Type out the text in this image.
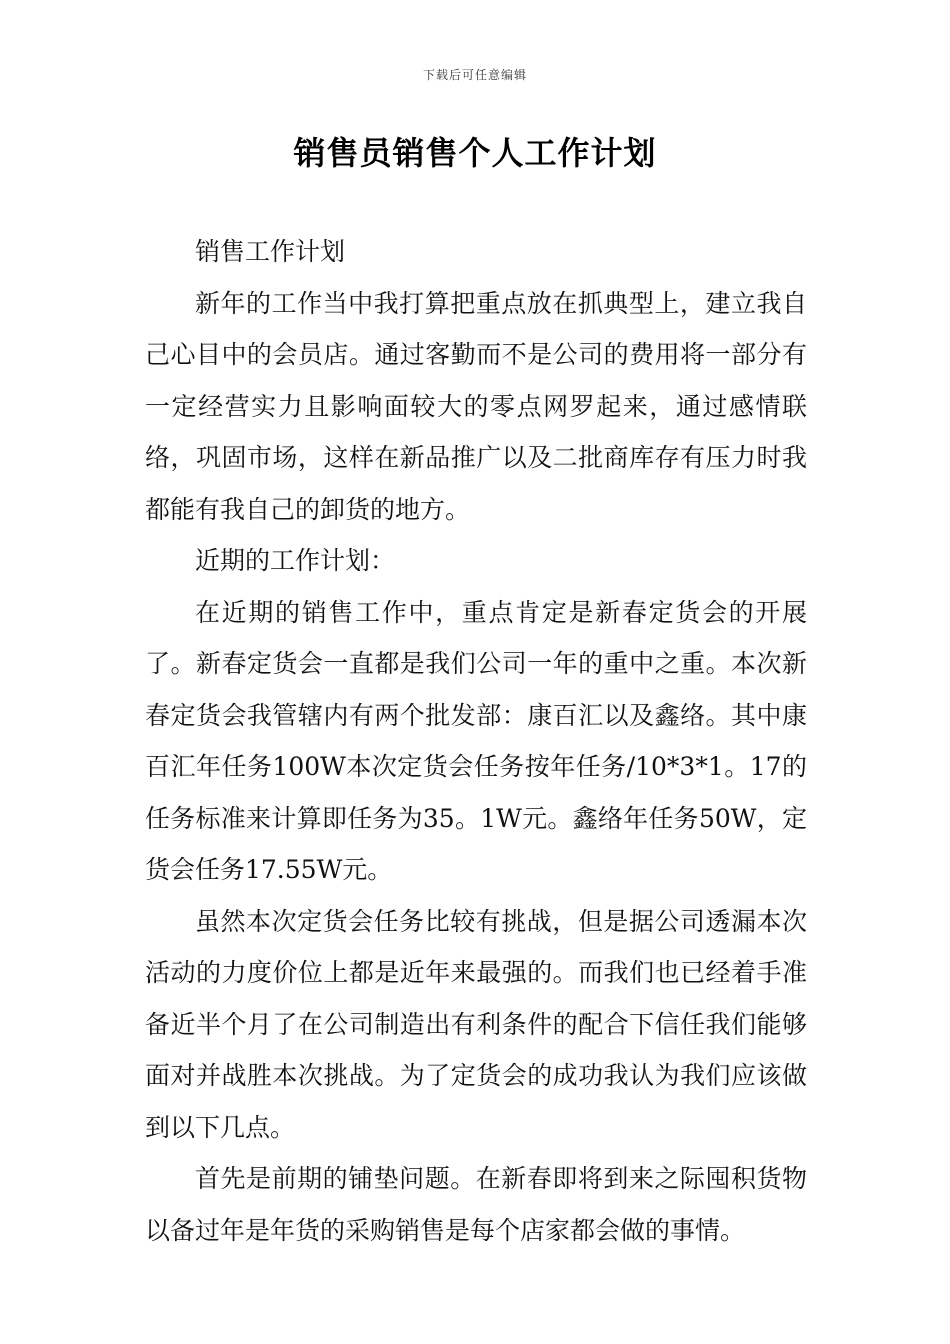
下载后可任意编辑
销售员销售个人工作计划

销售工作计划

新年的工作当中我打算把重点放在抓典型上，建立我自己心目中的会员店。通过客勤而不是公司的费用将一部分有一定经营实力且影响面较大的零点网罗起来，通过感情联络，巩固市场，这样在新品推广以及二批商库存有压力时我都能有我自己的卸货的地方。

近期的工作计划：

在近期的销售工作中，重点肯定是新春定货会的开展了。新春定货会一直都是我们公司一年的重中之重。本次新春定货会我管辖内有两个批发部：康百汇以及鑫络。其中康百汇年任务100W本次定货会任务按年任务/10*3*1。17的任务标准来计算即任务为35。1W元。鑫络年任务50W，定货会任务17.55W元。

虽然本次定货会任务比较有挑战，但是据公司透漏本次活动的力度价位上都是近年来最强的。而我们也已经着手准备近半个月了在公司制造出有利条件的配合下信任我们能够面对并战胜本次挑战。为了定货会的成功我认为我们应该做到以下几点。

首先是前期的铺垫问题。在新春即将到来之际囤积货物以备过年是年货的采购销售是每个店家都会做的事情。
